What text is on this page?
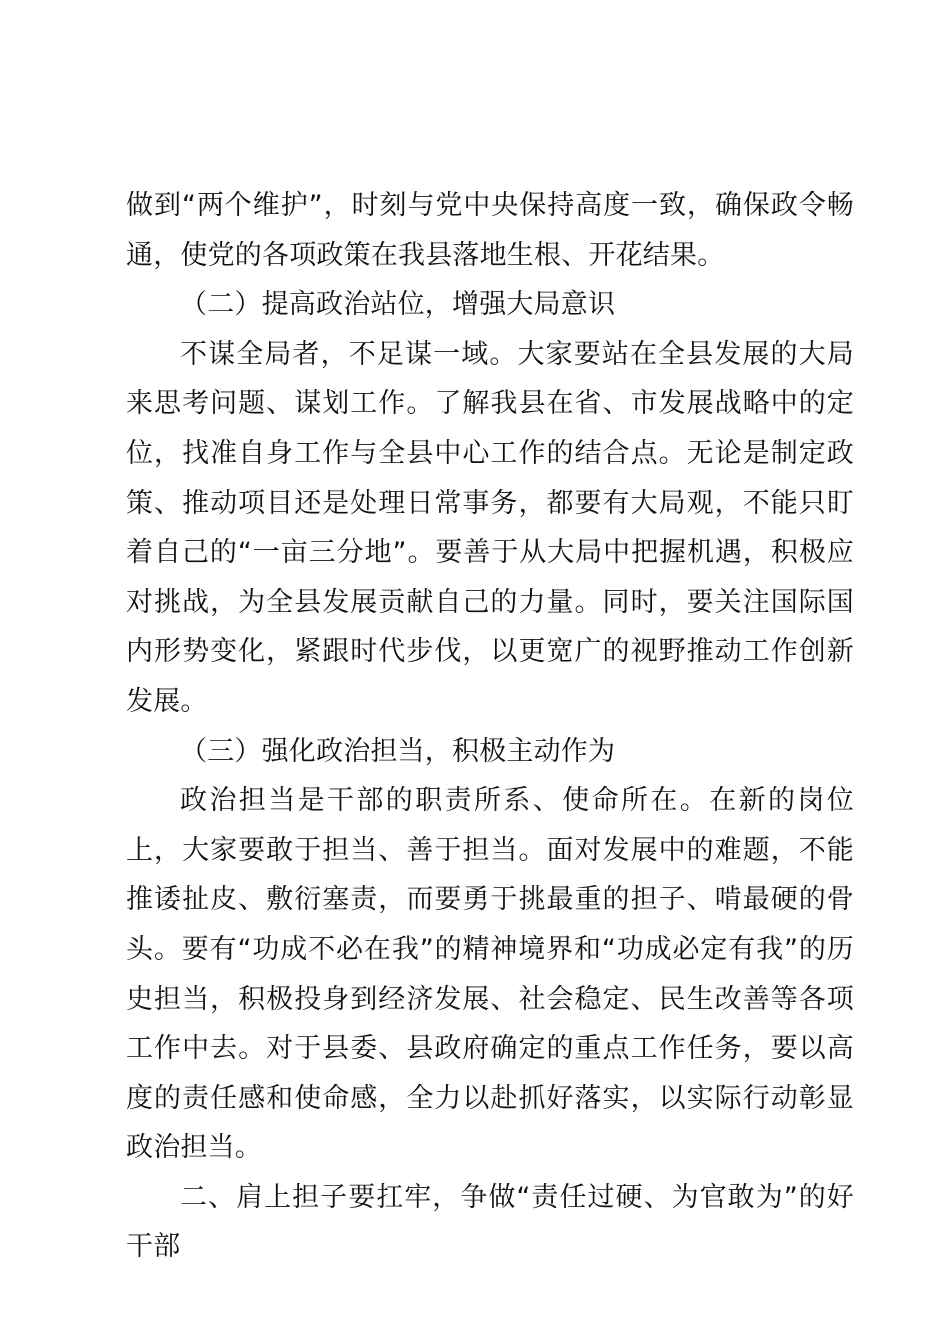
做到“两个维护”，时刻与党中央保持高度一致，确保政令畅通，使党的各项政策在我县落地生根、开花结果。

（二）提高政治站位，增强大局意识

不谋全局者，不足谋一域。大家要站在全县发展的大局来思考问题、谋划工作。了解我县在省、市发展战略中的定位，找准自身工作与全县中心工作的结合点。无论是制定政策、推动项目还是处理日常事务，都要有大局观，不能只盯着自己的“一亩三分地”。要善于从大局中把握机遇，积极应对挑战，为全县发展贡献自己的力量。同时，要关注国际国内形势变化，紧跟时代步伐，以更宽广的视野推动工作创新发展。

（三）强化政治担当，积极主动作为

政治担当是干部的职责所系、使命所在。在新的岗位上，大家要敢于担当、善于担当。面对发展中的难题，不能推诿扯皮、敷衍塞责，而要勇于挑最重的担子、啃最硬的骨头。要有“功成不必在我”的精神境界和“功成必定有我”的历史担当，积极投身到经济发展、社会稳定、民生改善等各项工作中去。对于县委、县政府确定的重点工作任务，要以高度的责任感和使命感，全力以赴抓好落实，以实际行动彰显政治担当。

二、肩上担子要扛牢，争做“责任过硬、为官敢为”的好干部
